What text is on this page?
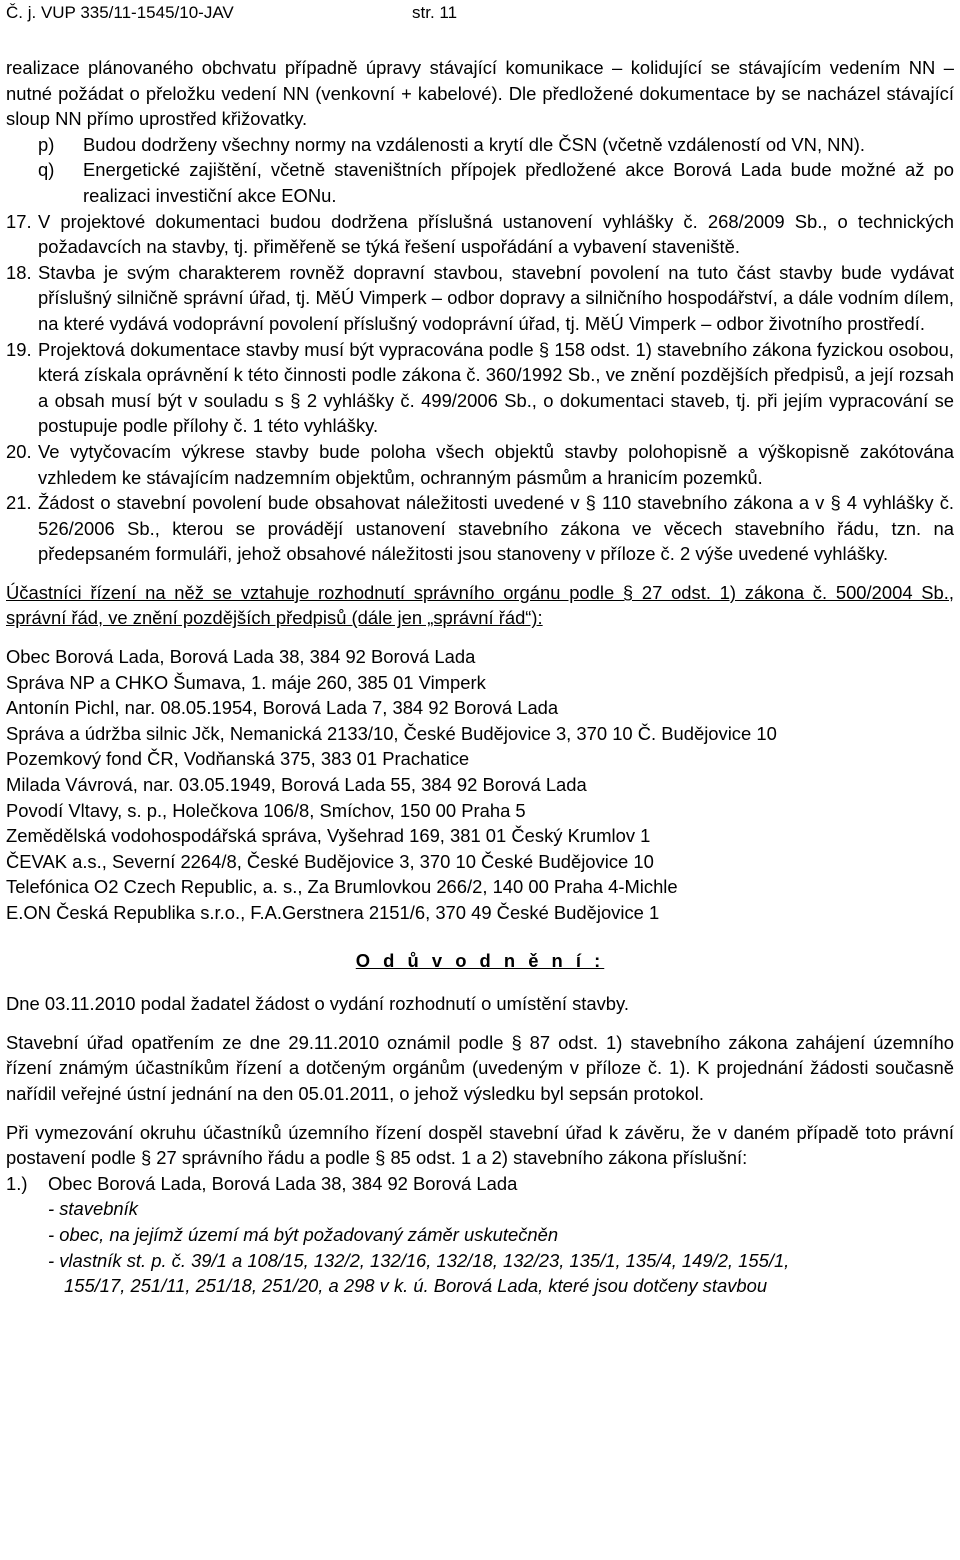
Č. j. VUP 335/11-1545/10-JAV	str. 11

realizace plánovaného obchvatu případně úpravy stávající komunikace – kolidující se stávajícím vedením NN – nutné požádat o přeložku vedení NN (venkovní + kabelové). Dle předložené dokumentace by se nacházel stávající sloup NN přímo uprostřed křižovatky.

p) Budou dodrženy všechny normy na vzdálenosti a krytí dle ČSN (včetně vzdáleností od VN, NN).
q) Energetické zajištění, včetně staveništních přípojek předložené akce Borová Lada bude možné až po realizaci investiční akce EONu.
17. V projektové dokumentaci budou dodržena příslušná ustanovení vyhlášky č. 268/2009 Sb., o technických požadavcích na stavby, tj. přiměřeně se týká řešení uspořádání a vybavení staveniště.
18. Stavba je svým charakterem rovněž dopravní stavbou, stavební povolení na tuto část stavby bude vydávat příslušný silničně správní úřad, tj. MěÚ Vimperk – odbor dopravy a silničního hospodářství, a dále vodním dílem, na které vydává vodoprávní povolení příslušný vodoprávní úřad, tj. MěÚ Vimperk – odbor životního prostředí.
19. Projektová dokumentace stavby musí být vypracována podle § 158 odst. 1) stavebního zákona fyzickou osobou, která získala oprávnění k této činnosti podle zákona č. 360/1992 Sb., ve znění pozdějších předpisů, a její rozsah a obsah musí být v souladu s § 2 vyhlášky č. 499/2006 Sb., o dokumentaci staveb, tj. při jejím vypracování se postupuje podle přílohy č. 1 této vyhlášky.
20. Ve vytyčovacím výkrese stavby bude poloha všech objektů stavby polohopisně a výškopisně zakótována vzhledem ke stávajícím nadzemním objektům, ochranným pásmům a hranicím pozemků.
21. Žádost o stavební povolení bude obsahovat náležitosti uvedené v § 110 stavebního zákona a v § 4 vyhlášky č. 526/2006 Sb., kterou se provádějí ustanovení stavebního zákona ve věcech stavebního řádu, tzn. na předepsaném formuláři, jehož obsahové náležitosti jsou stanoveny v příloze č. 2 výše uvedené vyhlášky.

Účastníci řízení na něž se vztahuje rozhodnutí správního orgánu podle § 27 odst. 1) zákona č. 500/2004 Sb., správní řád, ve znění pozdějších předpisů (dále jen „správní řád“):

Obec Borová Lada, Borová Lada 38, 384 92 Borová Lada

Správa NP a CHKO Šumava, 1. máje 260, 385 01 Vimperk

Antonín Pichl, nar. 08.05.1954, Borová Lada 7, 384 92 Borová Lada

Správa a údržba silnic Jčk, Nemanická 2133/10, České Budějovice 3, 370 10 Č. Budějovice 10

Pozemkový fond ČR, Vodňanská 375, 383 01 Prachatice

Milada Vávrová, nar. 03.05.1949, Borová Lada 55, 384 92 Borová Lada

Povodí Vltavy, s. p., Holečkova 106/8, Smíchov, 150 00 Praha 5

Zemědělská vodohospodářská správa, Vyšehrad 169, 381 01 Český Krumlov 1

ČEVAK a.s., Severní 2264/8, České Budějovice 3, 370 10 České Budějovice 10

Telefónica O2 Czech Republic, a. s., Za Brumlovkou 266/2, 140 00 Praha 4-Michle

E.ON Česká Republika s.r.o., F.A.Gerstnera 2151/6, 370 49 České Budějovice 1

O d ů v o d n ě n í :

Dne 03.11.2010 podal žadatel žádost o vydání rozhodnutí o umístění stavby.

Stavební úřad opatřením ze dne 29.11.2010 oznámil podle § 87 odst. 1) stavebního zákona zahájení územního řízení známým účastníkům řízení a dotčeným orgánům (uvedeným v příloze č. 1). K projednání žádosti současně nařídil veřejné ústní jednání na den 05.01.2011, o jehož výsledku byl sepsán protokol.

Při vymezování okruhu účastníků územního řízení dospěl stavební úřad k závěru, že v daném případě toto právní postavení podle § 27 správního řádu a podle § 85 odst. 1 a 2) stavebního zákona příslušní:

1.) Obec Borová Lada, Borová Lada 38, 384 92 Borová Lada

- stavebník

- obec, na jejímž území má být požadovaný záměr uskutečněn

- vlastník st. p. č. 39/1 a 108/15, 132/2, 132/16, 132/18, 132/23, 135/1, 135/4, 149/2, 155/1,

155/17, 251/11, 251/18, 251/20, a 298 v k. ú. Borová Lada, které jsou dotčeny stavbou
